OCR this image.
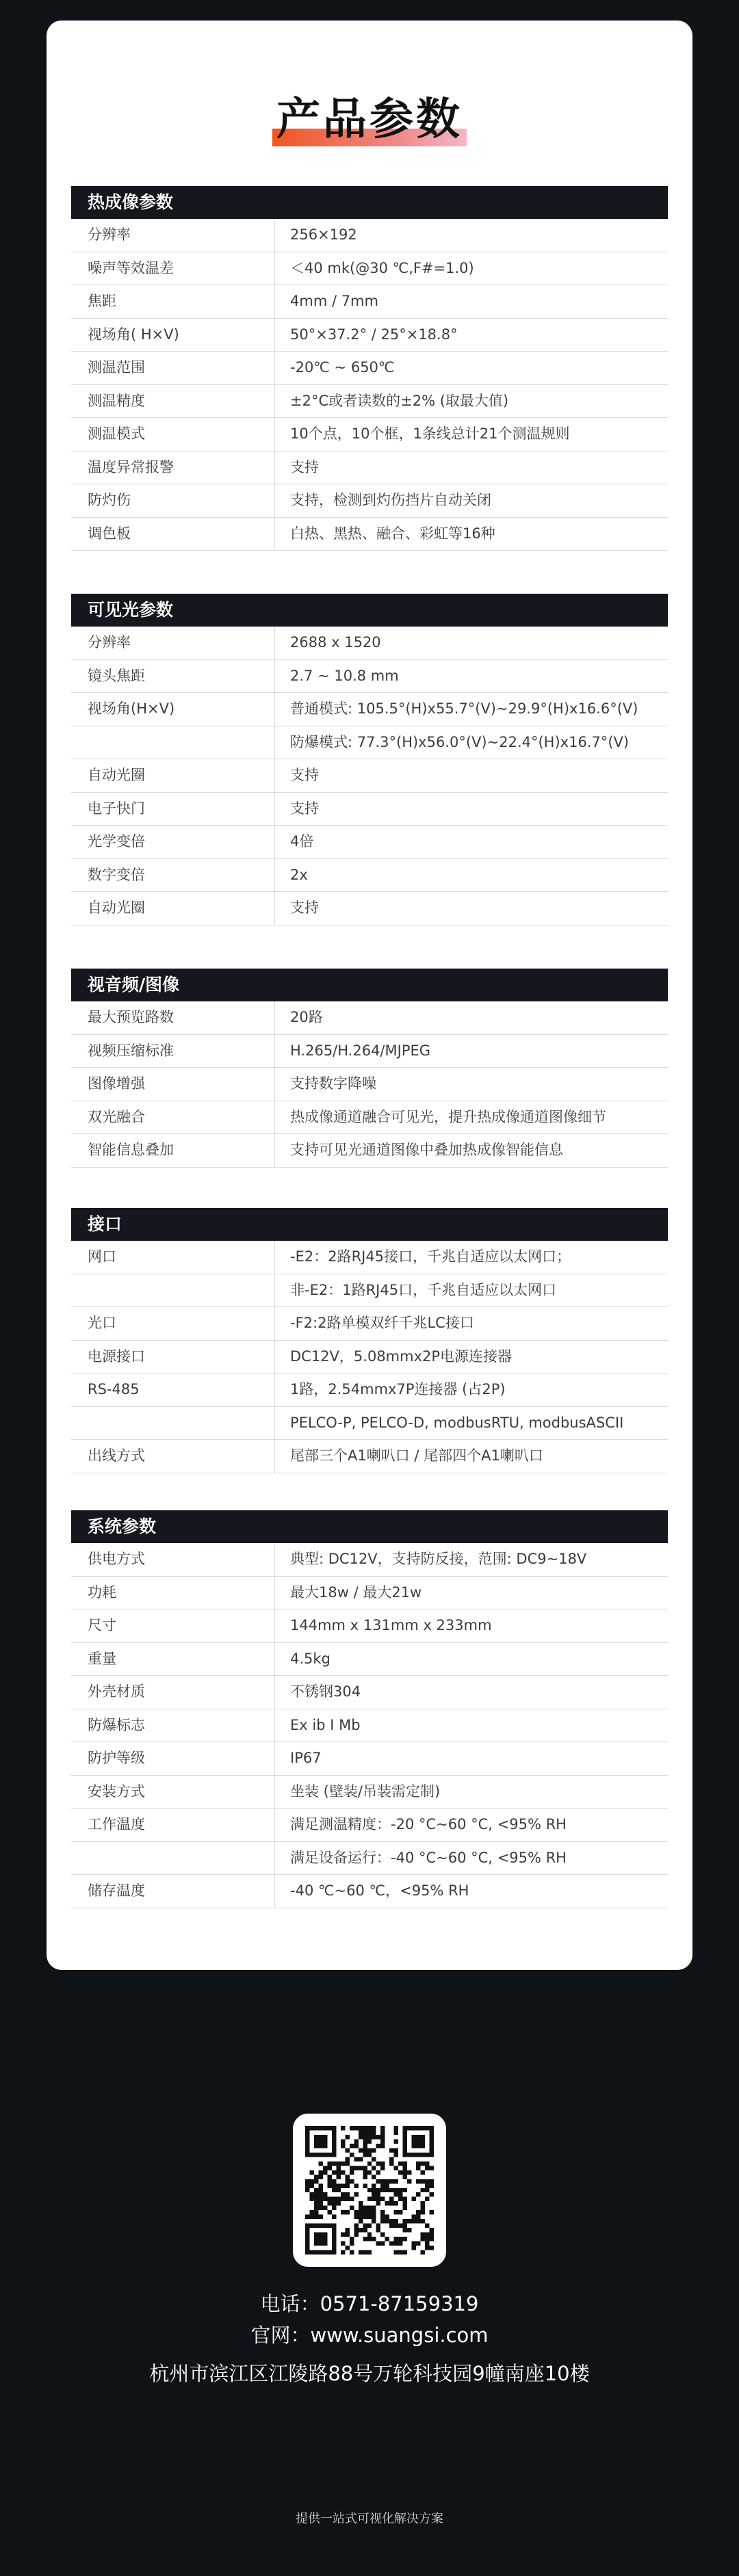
产品参数
热成像参数
分辨率	256×192
噪声等效温差	＜40 mk(@30 ℃,F#=1.0)
焦距	4mm / 7mm
视场角( H×V)	50°×37.2° / 25°×18.8°
测温范围	-20℃ ~ 650℃
测温精度	±2°C或者读数的±2% (取最大值)
测温模式	10个点，10个框，1条线总计21个测温规则
温度异常报警	支持
防灼伤	支持，检测到灼伤挡片自动关闭
调色板	白热、黑热、融合、彩虹等16种
可见光参数
分辨率	2688 x 1520
镜头焦距	2.7 ~ 10.8 mm
视场角(H×V)	普通模式: 105.5°(H)x55.7°(V)~29.9°(H)x16.6°(V)
防爆模式: 77.3°(H)x56.0°(V)~22.4°(H)x16.7°(V)
自动光圈	支持
电子快门	支持
光学变倍	4倍
数字变倍	2x
自动光圈	支持
视音频/图像
最大预览路数	20路
视频压缩标准	H.265/H.264/MJPEG
图像增强	支持数字降噪
双光融合	热成像通道融合可见光，提升热成像通道图像细节
智能信息叠加	支持可见光通道图像中叠加热成像智能信息
接口
网口	-E2：2路RJ45接口，千兆自适应以太网口；
非-E2：1路RJ45口，千兆自适应以太网口
光口	-F2:2路单模双纤千兆LC接口
电源接口	DC12V，5.08mmx2P电源连接器
RS-485	1路，2.54mmx7P连接器 (占2P)
PELCO-P, PELCO-D, modbusRTU, modbusASCII
出线方式	尾部三个A1喇叭口 / 尾部四个A1喇叭口
系统参数
供电方式	典型: DC12V，支持防反接，范围: DC9~18V
功耗	最大18w / 最大21w
尺寸	144mm x 131mm x 233mm
重量	4.5kg
外壳材质	不锈钢304
防爆标志	Ex ib I Mb
防护等级	IP67
安装方式	坐装 (壁装/吊装需定制)
工作温度	满足测温精度：-20 °C~60 °C, <95% RH
满足设备运行：-40 °C~60 °C, <95% RH
储存温度	-40 ℃~60 ℃，<95% RH
电话：0571-87159319
官网：www.suangsi.com
杭州市滨江区江陵路88号万轮科技园9幢南座10楼
提供一站式可视化解决方案
